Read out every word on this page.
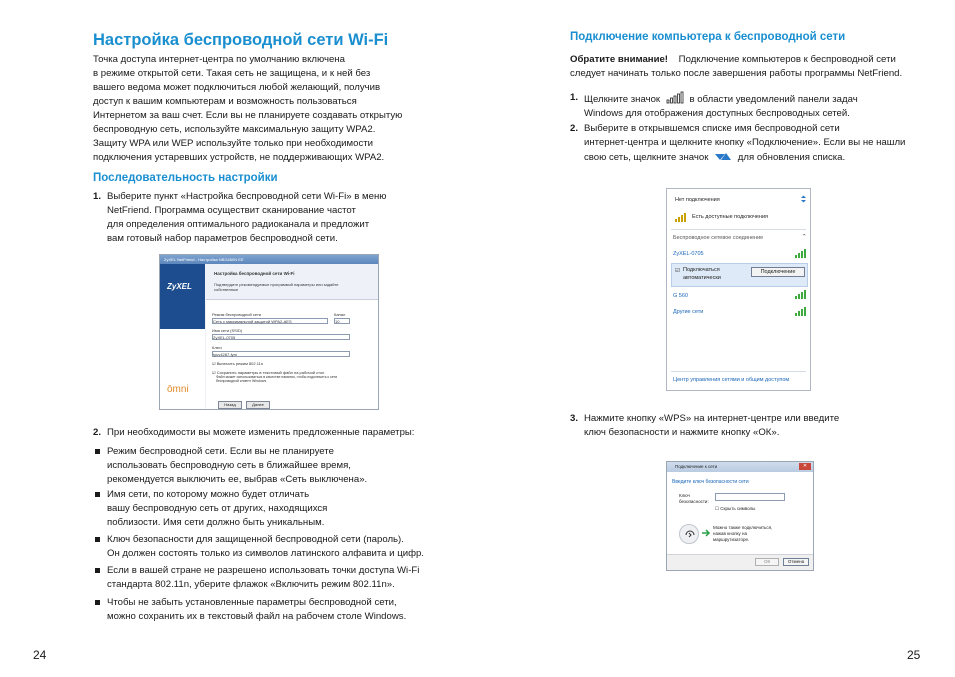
Настройка беспроводной сети Wi-Fi
Точка доступа интернет-центра по умолчанию включена
в режиме открытой сети. Такая сеть не защищена, и к ней без
вашего ведома может подключиться любой желающий, получив
доступ к вашим компьютерам и возможность пользоваться
Интернетом за ваш счет. Если вы не планируете создавать открытую
беспроводную сеть, используйте максимальную защиту WPA2.
Защиту WPA или WEP используйте только при необходимости
подключения устаревших устройств, не поддерживающих WPA2.
Последовательность настройки
1. Выберите пункт «Настройка беспроводной сети Wi-Fi» в меню
NetFriend. Программа осуществит сканирование частот
для определения оптимального радиоканала и предложит
вам готовый набор параметров беспроводной сети.
ZyXEL NetFriend - Настройка NBG460N EE
ZyXEL
ōmni
Настройка беспроводной сети Wi-Fi
Подтвердите рекомендуемые программой параметры или задайте собственные
Режим беспроводной сети	Канал
Сеть с максимальной защитой WPA2-AES	10
Имя сети (SSID)
ZyXEL-0705
Ключ
tyuv4287-fym
☑ Включить режим 802.11n
☑ Сохранить параметры в текстовый файл на рабочий стол
Файл может использоваться в качестве памятки, чтобы подключить к сети беспроводной клиент Windows
Назад	Далее
2. При необходимости вы можете изменить предложенные параметры:
Режим беспроводной сети. Если вы не планируете
использовать беспроводную сеть в ближайшее время,
рекомендуется выключить ее, выбрав «Сеть выключена».
Имя сети, по которому можно будет отличать
вашу беспроводную сеть от других, находящихся
поблизости. Имя сети должно быть уникальным.
Ключ безопасности для защищенной беспроводной сети (пароль).
Он должен состоять только из символов латинского алфавита и цифр.
Если в вашей стране не разрешено использовать точки доступа Wi-Fi
стандарта 802.11n, уберите флажок «Включить режим 802.11n».
Чтобы не забыть установленные параметры беспроводной сети,
можно сохранить их в текстовый файл на рабочем столе Windows.
24
Подключение компьютера к беспроводной сети
Обратите внимание! Подключение компьютеров к беспроводной сети
следует начинать только после завершения работы программы NetFriend.
1. Щелкните значок	в области уведомлений панели задач
Windows для отображения доступных беспроводных сетей.
2. Выберите в открывшемся списке имя беспроводной сети
интернет-центра и щелкните кнопку «Подключение». Если вы не нашли
свою сеть, щелкните значок	для обновления списка.
Нет подключения
Есть доступные подключения
Беспроводное сетевое соединение	⌃
ZyXEL-0705
☑ Подключаться
автоматически
Подключение
G 560
Другие сети
Центр управления сетями и общим доступом
3. Нажмите кнопку «WPS» на интернет-центре или введите
ключ безопасности и нажмите кнопку «ОК».
Подключение к сети	✕
Введите ключ безопасности сети
Ключ
безопасности:
☐ Скрыть символы
Можно также подключиться,
нажав кнопку на
маршрутизаторе.
ОК	Отмена
25
